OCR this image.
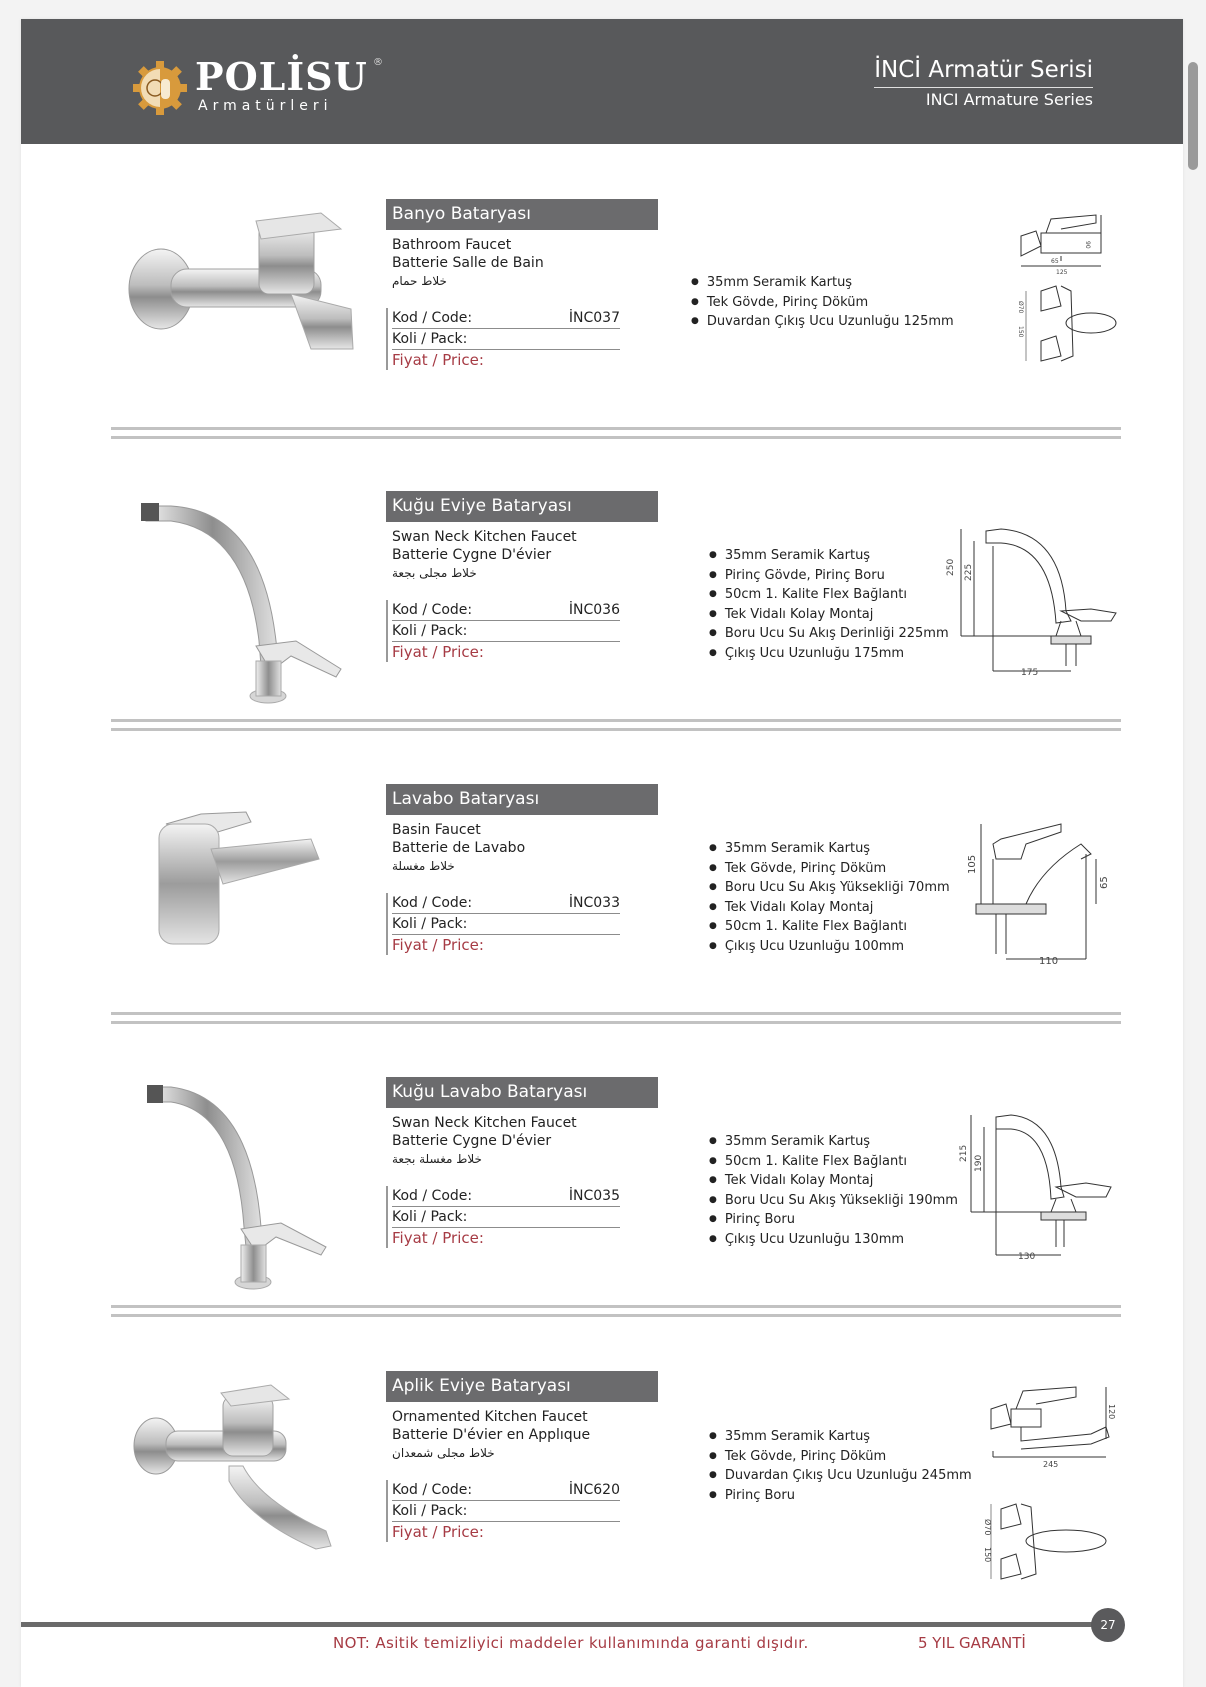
POLİSU ®
Armatürleri
İNCİ Armatür Serisi
INCI Armature Series
Banyo Bataryası
Bathroom Faucet
Batterie Salle de Bain
خلاط حمام
Kod / Code:	İNC037
Koli / Pack:
Fiyat / Price:
● 35mm Seramik Kartuş
● Tek Gövde, Pirinç Döküm
● Duvardan Çıkış Ucu Uzunluğu 125mm
90
65
125
Ø70
150
Kuğu Eviye Bataryası
Swan Neck Kitchen Faucet
Batterie Cygne D'évier
خلاط مجلى بجعة
Kod / Code:	İNC036
Koli / Pack:
Fiyat / Price:
● 35mm Seramik Kartuş
● Pirinç Gövde, Pirinç Boru
● 50cm 1. Kalite Flex Bağlantı
● Tek Vidalı Kolay Montaj
● Boru Ucu Su Akış Derinliği 225mm
● Çıkış Ucu Uzunluğu 175mm
250 225
175
Lavabo Bataryası
Basin Faucet
Batterie de Lavabo
خلاط مغسلة
Kod / Code:	İNC033
Koli / Pack:
Fiyat / Price:
● 35mm Seramik Kartuş
● Tek Gövde, Pirinç Döküm
● Boru Ucu Su Akış Yüksekliği 70mm
● Tek Vidalı Kolay Montaj
● 50cm 1. Kalite Flex Bağlantı
● Çıkış Ucu Uzunluğu 100mm
105
65
110
Kuğu Lavabo Bataryası
Swan Neck Kitchen Faucet
Batterie Cygne D'évier
خلاط مغسلة بجعة
Kod / Code:	İNC035
Koli / Pack:
Fiyat / Price:
● 35mm Seramik Kartuş
● 50cm 1. Kalite Flex Bağlantı
● Tek Vidalı Kolay Montaj
● Boru Ucu Su Akış Yüksekliği 190mm
● Pirinç Boru
● Çıkış Ucu Uzunluğu 130mm
215
190
130
Aplik Eviye Bataryası
Ornamented Kitchen Faucet
Batterie D'évier en Applıque
خلاط مجلى شمعدان
Kod / Code:	İNC620
Koli / Pack:
Fiyat / Price:
● 35mm Seramik Kartuş
● Tek Gövde, Pirinç Döküm
● Duvardan Çıkış Ucu Uzunluğu 245mm
● Pirinç Boru
120
245
Ø70
150
27
NOT: Asitik temizliyici maddeler kullanımında garanti dışıdır.	5 YIL GARANTİ
